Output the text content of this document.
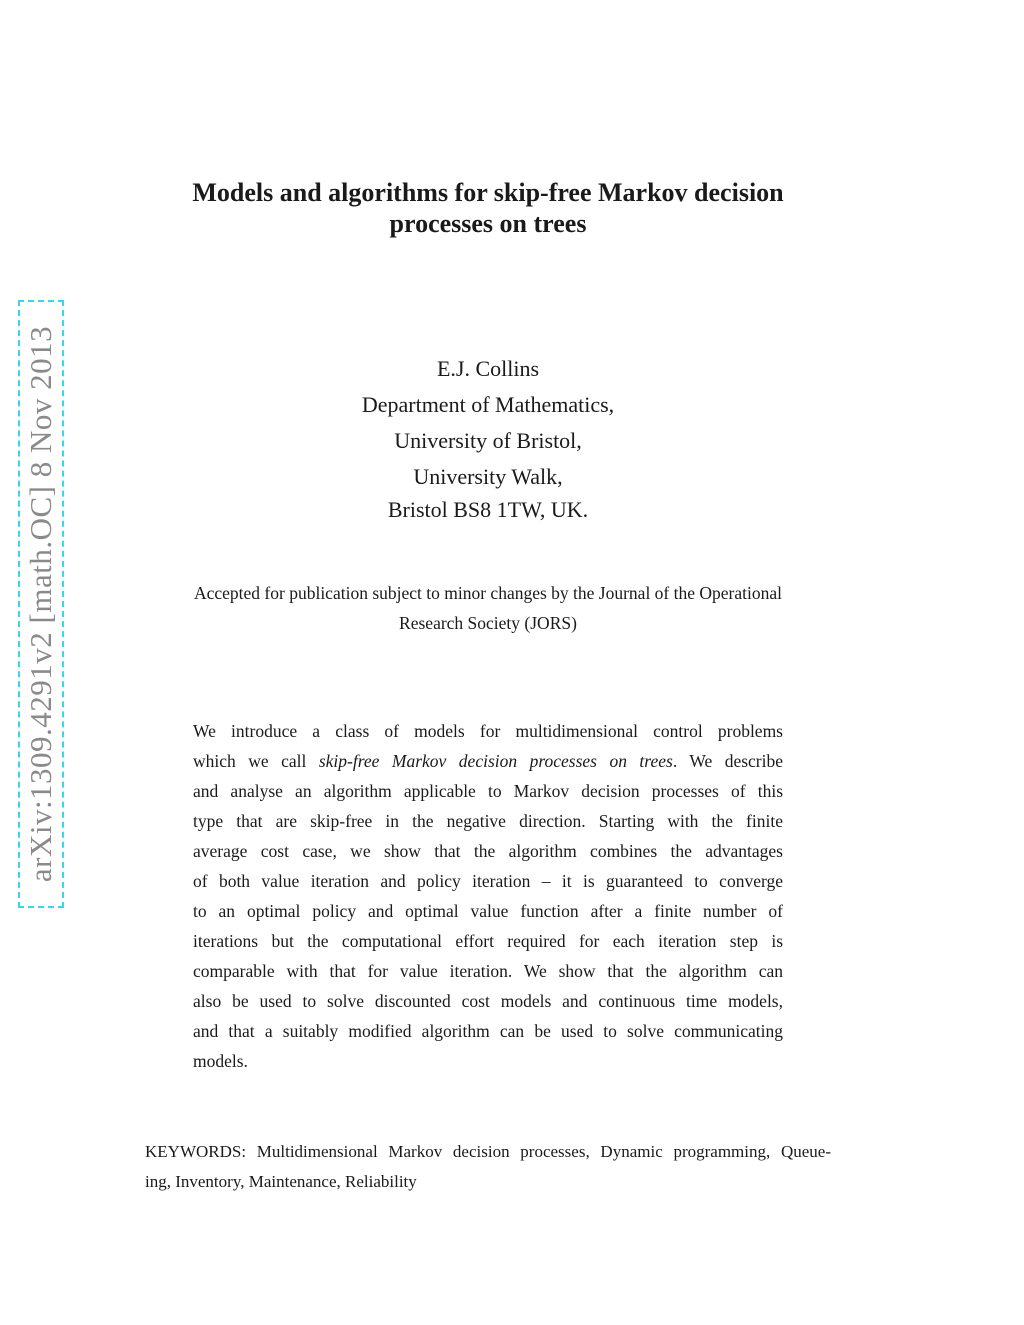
arXiv:1309.4291v2 [math.OC] 8 Nov 2013
Models and algorithms for skip-free Markov decision
processes on trees
E.J. Collins
Department of Mathematics,
University of Bristol,
University Walk,
Bristol BS8 1TW, UK.
Accepted for publication subject to minor changes by the Journal of the Operational
Research Society (JORS)
We introduce a class of models for multidimensional control problems
which we call skip-free Markov decision processes on trees. We describe
and analyse an algorithm applicable to Markov decision processes of this
type that are skip-free in the negative direction. Starting with the finite
average cost case, we show that the algorithm combines the advantages
of both value iteration and policy iteration – it is guaranteed to converge
to an optimal policy and optimal value function after a finite number of
iterations but the computational effort required for each iteration step is
comparable with that for value iteration. We show that the algorithm can
also be used to solve discounted cost models and continuous time models,
and that a suitably modified algorithm can be used to solve communicating
models.
KEYWORDS: Multidimensional Markov decision processes, Dynamic programming, Queue-
ing, Inventory, Maintenance, Reliability
